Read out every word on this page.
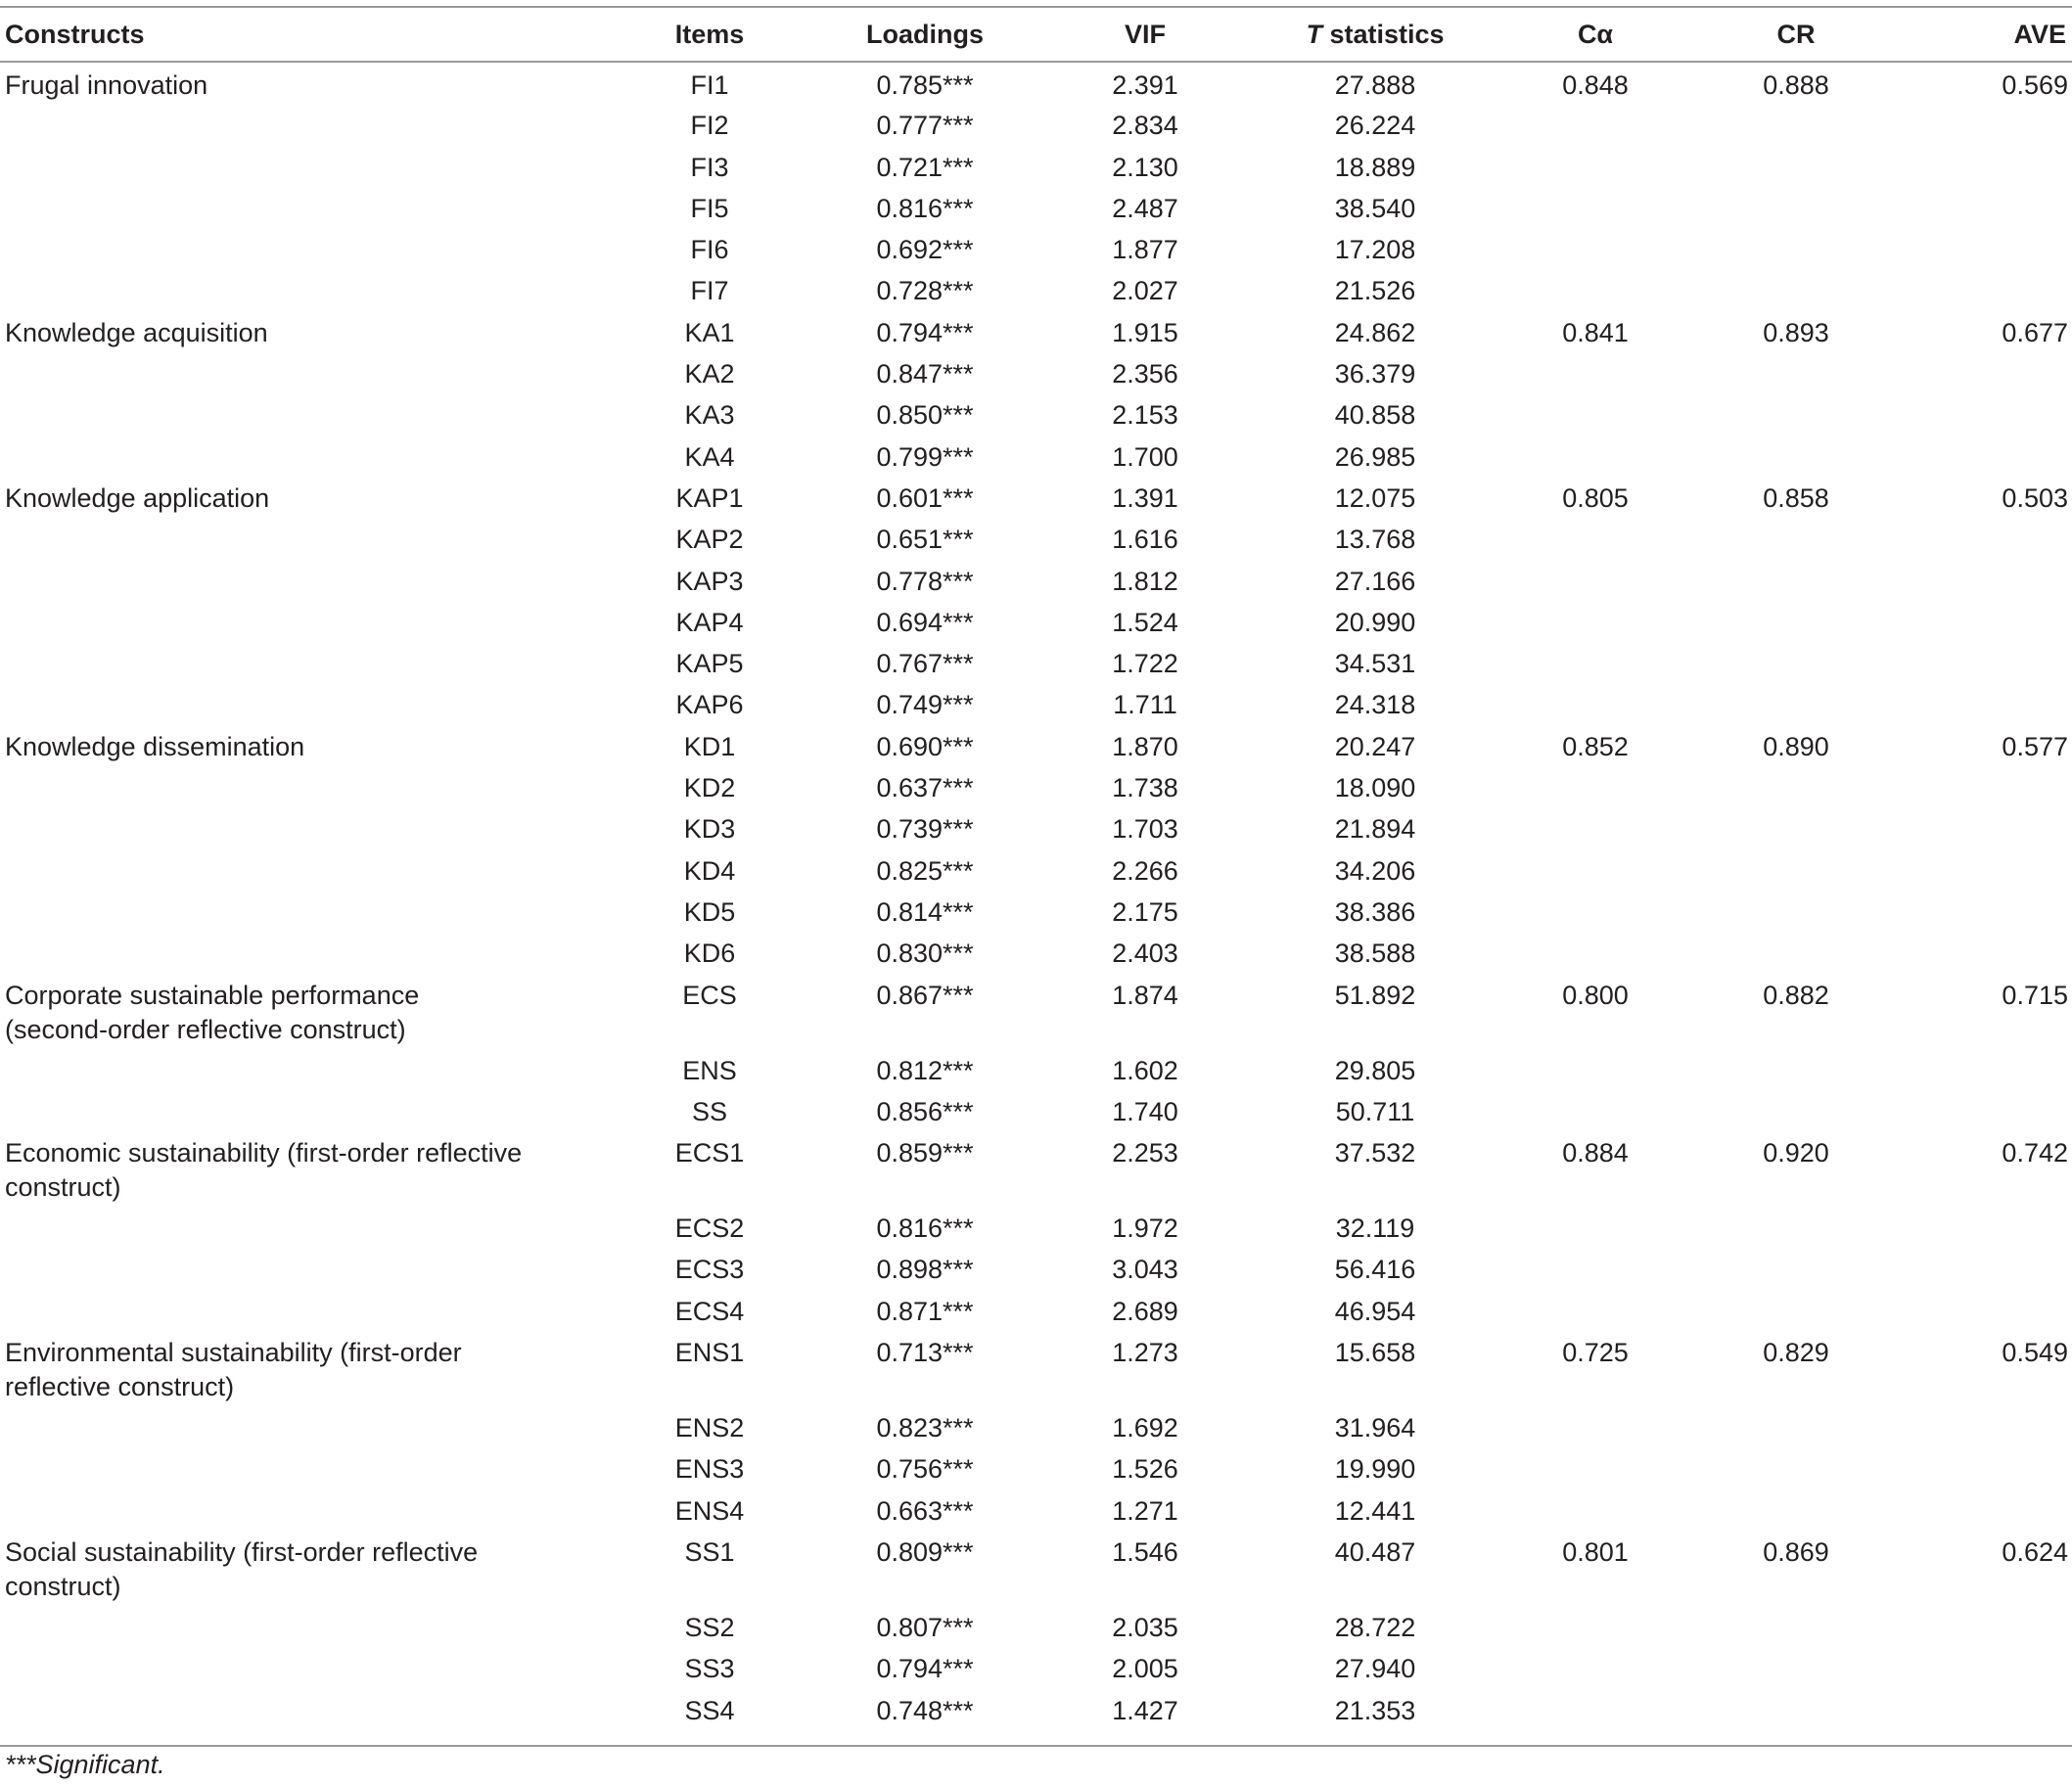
Constructs	Items	Loadings	VIF	T statistics	Cα	CR	AVE
Frugal innovation	FI1	0.785***	2.391	27.888	0.848	0.888	0.569
	FI2	0.777***	2.834	26.224			
	FI3	0.721***	2.130	18.889			
	FI5	0.816***	2.487	38.540			
	FI6	0.692***	1.877	17.208			
	FI7	0.728***	2.027	21.526			
Knowledge acquisition	KA1	0.794***	1.915	24.862	0.841	0.893	0.677
	KA2	0.847***	2.356	36.379			
	KA3	0.850***	2.153	40.858			
	KA4	0.799***	1.700	26.985			
Knowledge application	KAP1	0.601***	1.391	12.075	0.805	0.858	0.503
	KAP2	0.651***	1.616	13.768			
	KAP3	0.778***	1.812	27.166			
	KAP4	0.694***	1.524	20.990			
	KAP5	0.767***	1.722	34.531			
	KAP6	0.749***	1.711	24.318			
Knowledge dissemination	KD1	0.690***	1.870	20.247	0.852	0.890	0.577
	KD2	0.637***	1.738	18.090			
	KD3	0.739***	1.703	21.894			
	KD4	0.825***	2.266	34.206			
	KD5	0.814***	2.175	38.386			
	KD6	0.830***	2.403	38.588			
Corporate sustainable performance (second-order reflective construct)	ECS	0.867***	1.874	51.892	0.800	0.882	0.715
	ENS	0.812***	1.602	29.805			
	SS	0.856***	1.740	50.711			
Economic sustainability (first-order reflective construct)	ECS1	0.859***	2.253	37.532	0.884	0.920	0.742
	ECS2	0.816***	1.972	32.119			
	ECS3	0.898***	3.043	56.416			
	ECS4	0.871***	2.689	46.954			
Environmental sustainability (first-order reflective construct)	ENS1	0.713***	1.273	15.658	0.725	0.829	0.549
	ENS2	0.823***	1.692	31.964			
	ENS3	0.756***	1.526	19.990			
	ENS4	0.663***	1.271	12.441			
Social sustainability (first-order reflective construct)	SS1	0.809***	1.546	40.487	0.801	0.869	0.624
	SS2	0.807***	2.035	28.722			
	SS3	0.794***	2.005	27.940			
	SS4	0.748***	1.427	21.353			
***Significant.
